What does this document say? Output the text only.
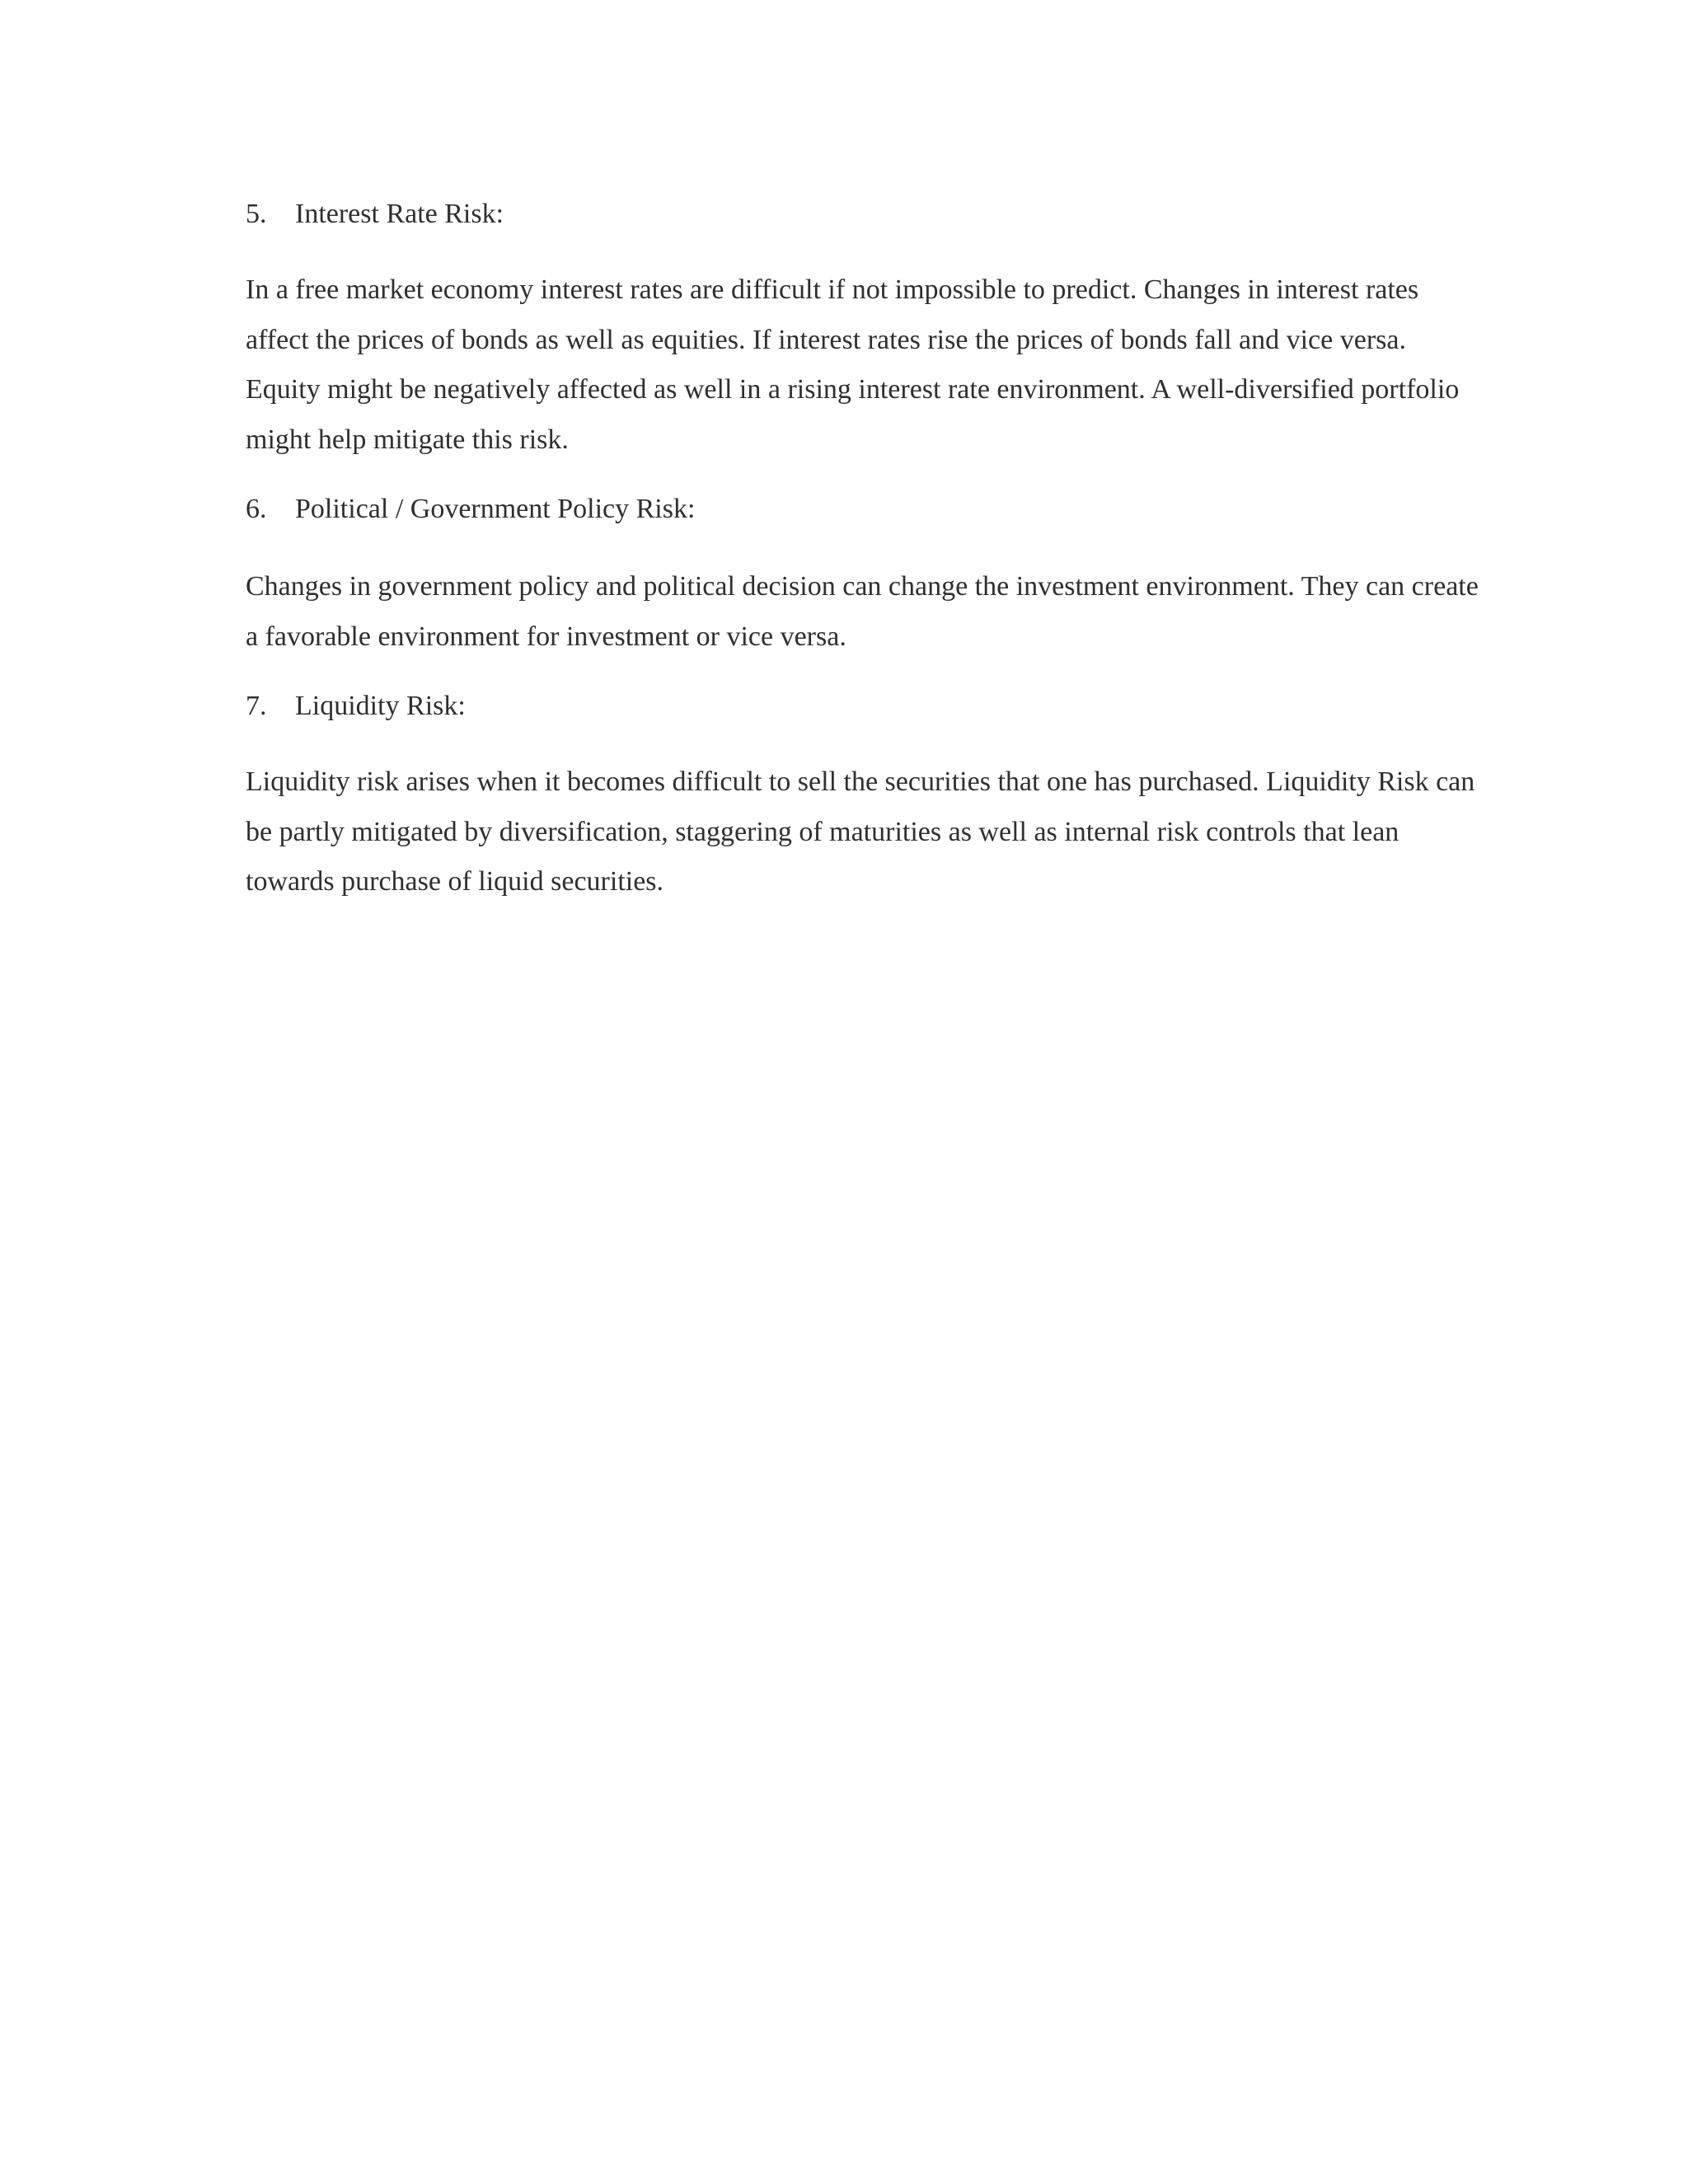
5. Interest Rate Risk:

In a free market economy interest rates are difficult if not impossible to predict. Changes in interest rates affect the prices of bonds as well as equities. If interest rates rise the prices of bonds fall and vice versa. Equity might be negatively affected as well in a rising interest rate environment. A well-diversified portfolio might help mitigate this risk.

6. Political / Government Policy Risk:

Changes in government policy and political decision can change the investment environment. They can create a favorable environment for investment or vice versa.

7. Liquidity Risk:

Liquidity risk arises when it becomes difficult to sell the securities that one has purchased. Liquidity Risk can be partly mitigated by diversification, staggering of maturities as well as internal risk controls that lean towards purchase of liquid securities.
